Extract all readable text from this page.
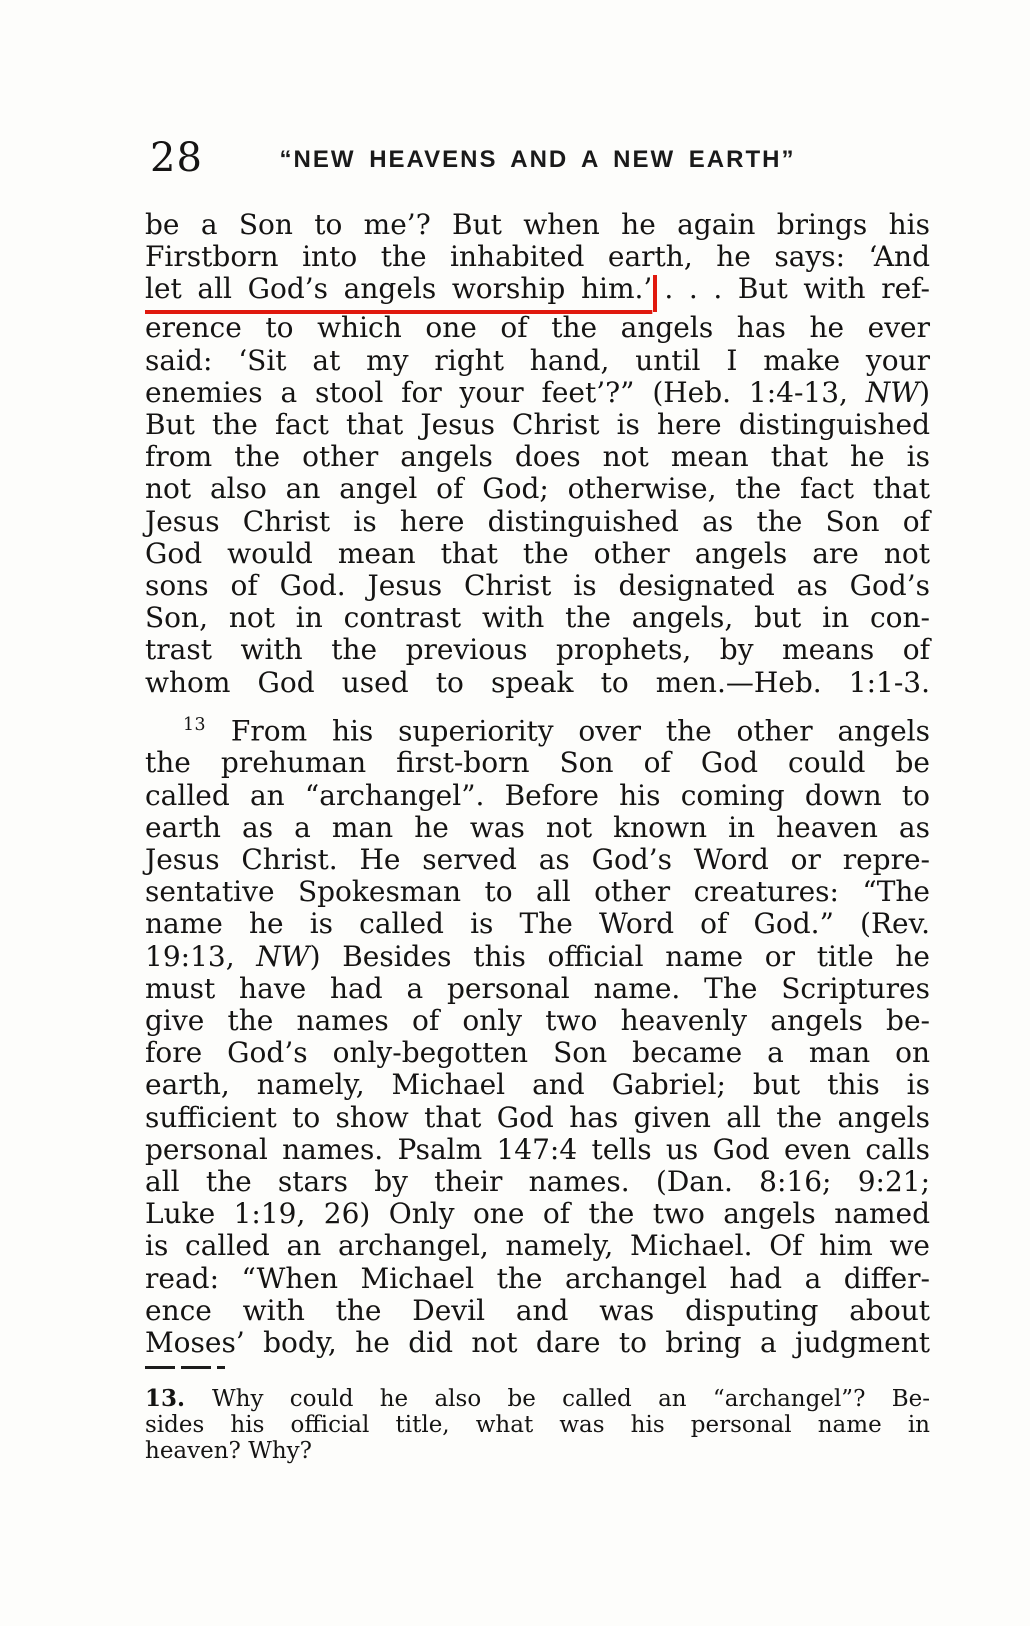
28	“NEW HEAVENS AND A NEW EARTH”
be a Son to me’? But when he again brings his
Firstborn into the inhabited earth, he says: ‘And
let all God’s angels worship him.’ . . . But with ref-
erence to which one of the angels has he ever
said: ‘Sit at my right hand, until I make your
enemies a stool for your feet’?” (Heb. 1:4-13, NW)
But the fact that Jesus Christ is here distinguished
from the other angels does not mean that he is
not also an angel of God; otherwise, the fact that
Jesus Christ is here distinguished as the Son of
God would mean that the other angels are not
sons of God. Jesus Christ is designated as God’s
Son, not in contrast with the angels, but in con-
trast with the previous prophets, by means of
whom God used to speak to men.—Heb. 1:1-3.
$^{13}$ From his superiority over the other angels
the prehuman first-born Son of God could be
called an “archangel”. Before his coming down to
earth as a man he was not known in heaven as
Jesus Christ. He served as God’s Word or repre-
sentative Spokesman to all other creatures: “The
name he is called is The Word of God.” (Rev.
19:13, NW) Besides this official name or title he
must have had a personal name. The Scriptures
give the names of only two heavenly angels be-
fore God’s only-begotten Son became a man on
earth, namely, Michael and Gabriel; but this is
sufficient to show that God has given all the angels
personal names. Psalm 147:4 tells us God even calls
all the stars by their names. (Dan. 8:16; 9:21;
Luke 1:19, 26) Only one of the two angels named
is called an archangel, namely, Michael. Of him we
read: “When Michael the archangel had a differ-
ence with the Devil and was disputing about
Moses’ body, he did not dare to bring a judgment
13. Why could he also be called an “archangel”? Be-
sides his official title, what was his personal name in
heaven? Why?
